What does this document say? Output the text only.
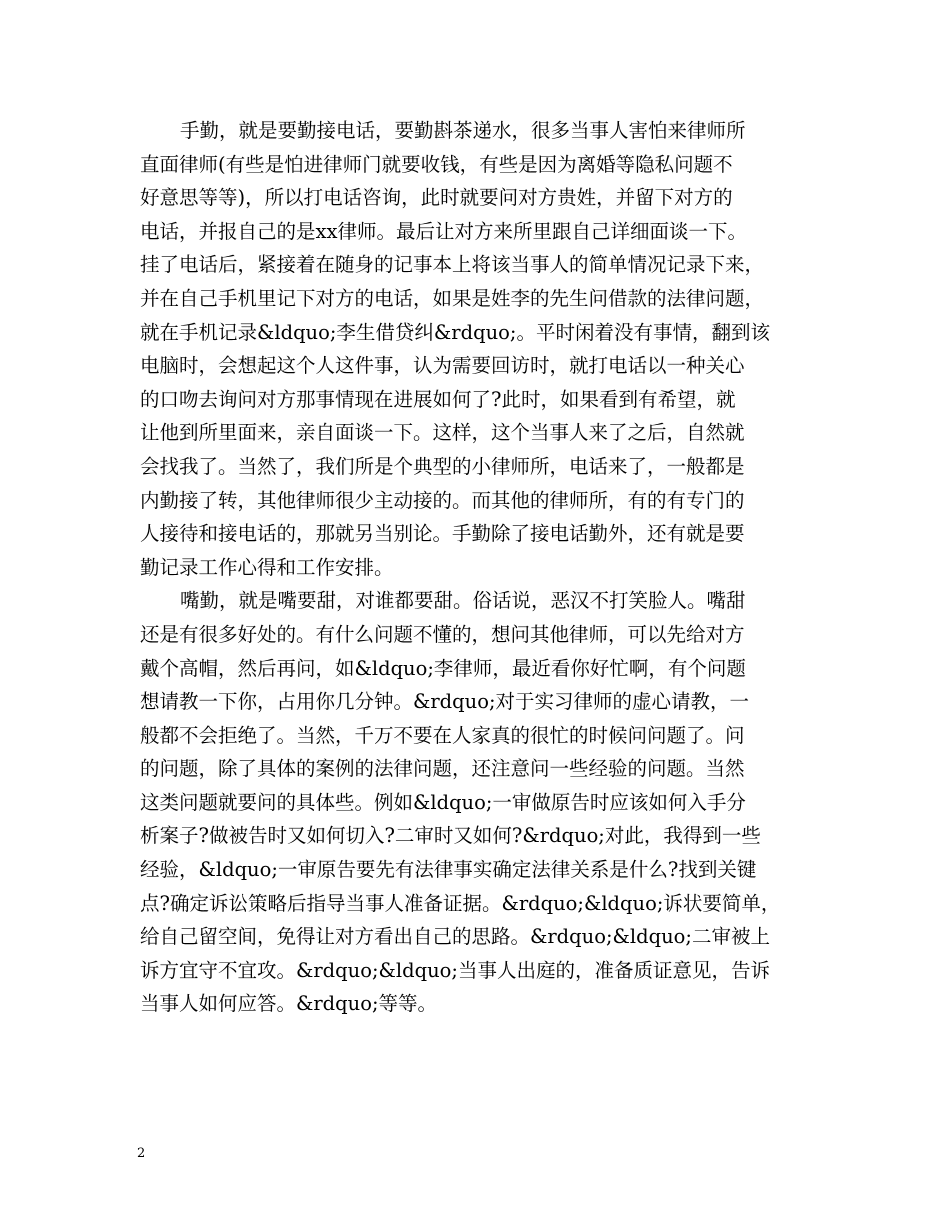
手勤，就是要勤接电话，要勤斟茶递水，很多当事人害怕来律师所
直面律师(有些是怕进律师门就要收钱，有些是因为离婚等隐私问题不
好意思等等)，所以打电话咨询，此时就要问对方贵姓，并留下对方的
电话，并报自己的是xx律师。最后让对方来所里跟自己详细面谈一下。
挂了电话后，紧接着在随身的记事本上将该当事人的简单情况记录下来，
并在自己手机里记下对方的电话，如果是姓李的先生问借款的法律问题，
就在手机记录&ldquo;李生借贷纠&rdquo;。平时闲着没有事情，翻到该
电脑时，会想起这个人这件事，认为需要回访时，就打电话以一种关心
的口吻去询问对方那事情现在进展如何了?此时，如果看到有希望，就
让他到所里面来，亲自面谈一下。这样，这个当事人来了之后，自然就
会找我了。当然了，我们所是个典型的小律师所，电话来了，一般都是
内勤接了转，其他律师很少主动接的。而其他的律师所，有的有专门的
人接待和接电话的，那就另当别论。手勤除了接电话勤外，还有就是要
勤记录工作心得和工作安排。
嘴勤，就是嘴要甜，对谁都要甜。俗话说，恶汉不打笑脸人。嘴甜
还是有很多好处的。有什么问题不懂的，想问其他律师，可以先给对方
戴个高帽，然后再问，如&ldquo;李律师，最近看你好忙啊，有个问题
想请教一下你，占用你几分钟。&rdquo;对于实习律师的虚心请教，一
般都不会拒绝了。当然，千万不要在人家真的很忙的时候问问题了。问
的问题，除了具体的案例的法律问题，还注意问一些经验的问题。当然
这类问题就要问的具体些。例如&ldquo;一审做原告时应该如何入手分
析案子?做被告时又如何切入?二审时又如何?&rdquo;对此，我得到一些
经验，&ldquo;一审原告要先有法律事实确定法律关系是什么?找到关键
点?确定诉讼策略后指导当事人准备证据。&rdquo;&ldquo;诉状要简单，
给自己留空间，免得让对方看出自己的思路。&rdquo;&ldquo;二审被上
诉方宜守不宜攻。&rdquo;&ldquo;当事人出庭的，准备质证意见，告诉
当事人如何应答。&rdquo;等等。
2
